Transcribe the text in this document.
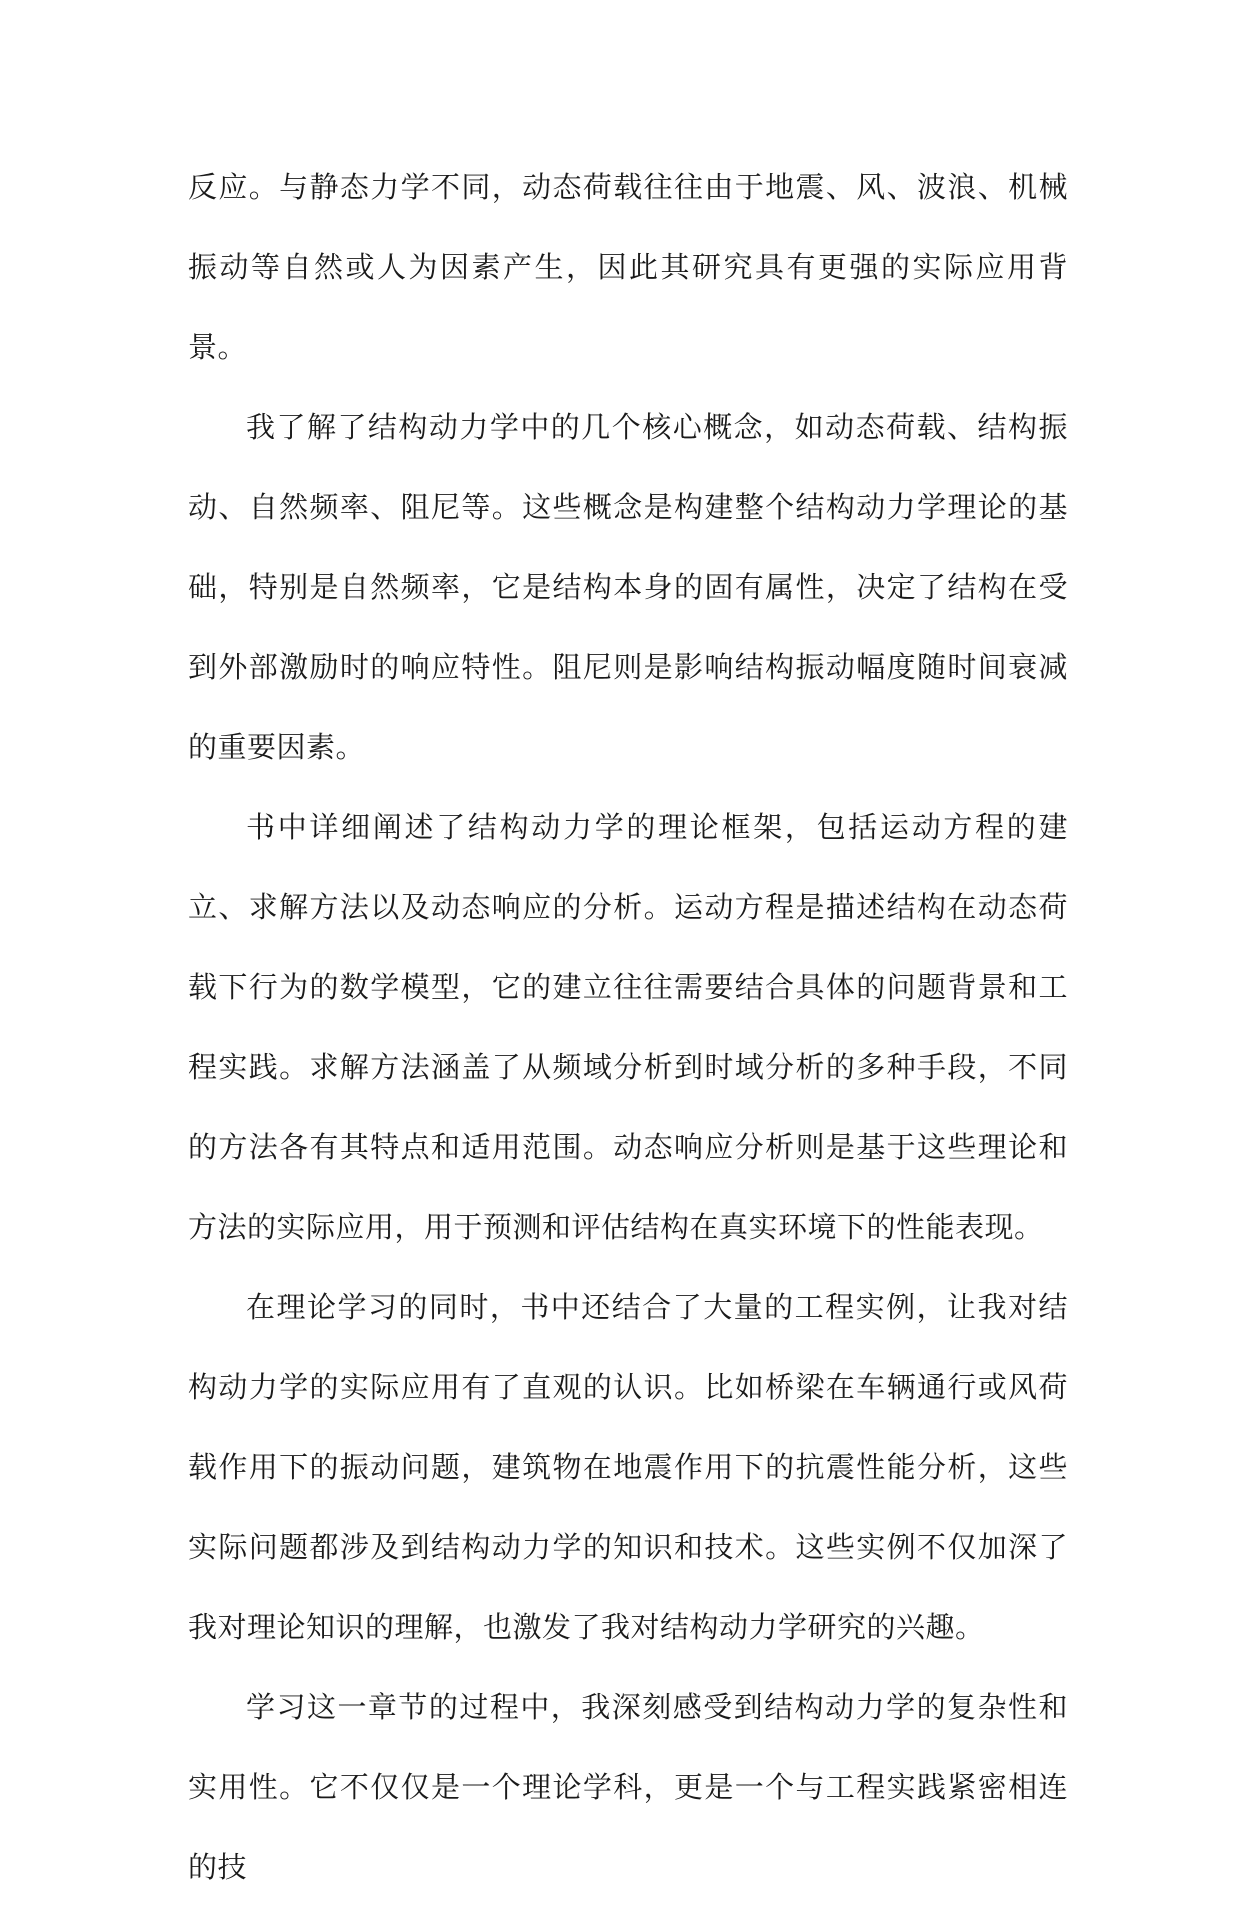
反应。与静态力学不同，动态荷载往往由于地震、风、波浪、机械振动等自然或人为因素产生，因此其研究具有更强的实际应用背景。

我了解了结构动力学中的几个核心概念，如动态荷载、结构振动、自然频率、阻尼等。这些概念是构建整个结构动力学理论的基础，特别是自然频率，它是结构本身的固有属性，决定了结构在受到外部激励时的响应特性。阻尼则是影响结构振动幅度随时间衰减的重要因素。

书中详细阐述了结构动力学的理论框架，包括运动方程的建立、求解方法以及动态响应的分析。运动方程是描述结构在动态荷载下行为的数学模型，它的建立往往需要结合具体的问题背景和工程实践。求解方法涵盖了从频域分析到时域分析的多种手段，不同的方法各有其特点和适用范围。动态响应分析则是基于这些理论和方法的实际应用，用于预测和评估结构在真实环境下的性能表现。

在理论学习的同时，书中还结合了大量的工程实例，让我对结构动力学的实际应用有了直观的认识。比如桥梁在车辆通行或风荷载作用下的振动问题，建筑物在地震作用下的抗震性能分析，这些实际问题都涉及到结构动力学的知识和技术。这些实例不仅加深了我对理论知识的理解，也激发了我对结构动力学研究的兴趣。

学习这一章节的过程中，我深刻感受到结构动力学的复杂性和实用性。它不仅仅是一个理论学科，更是一个与工程实践紧密相连的技
